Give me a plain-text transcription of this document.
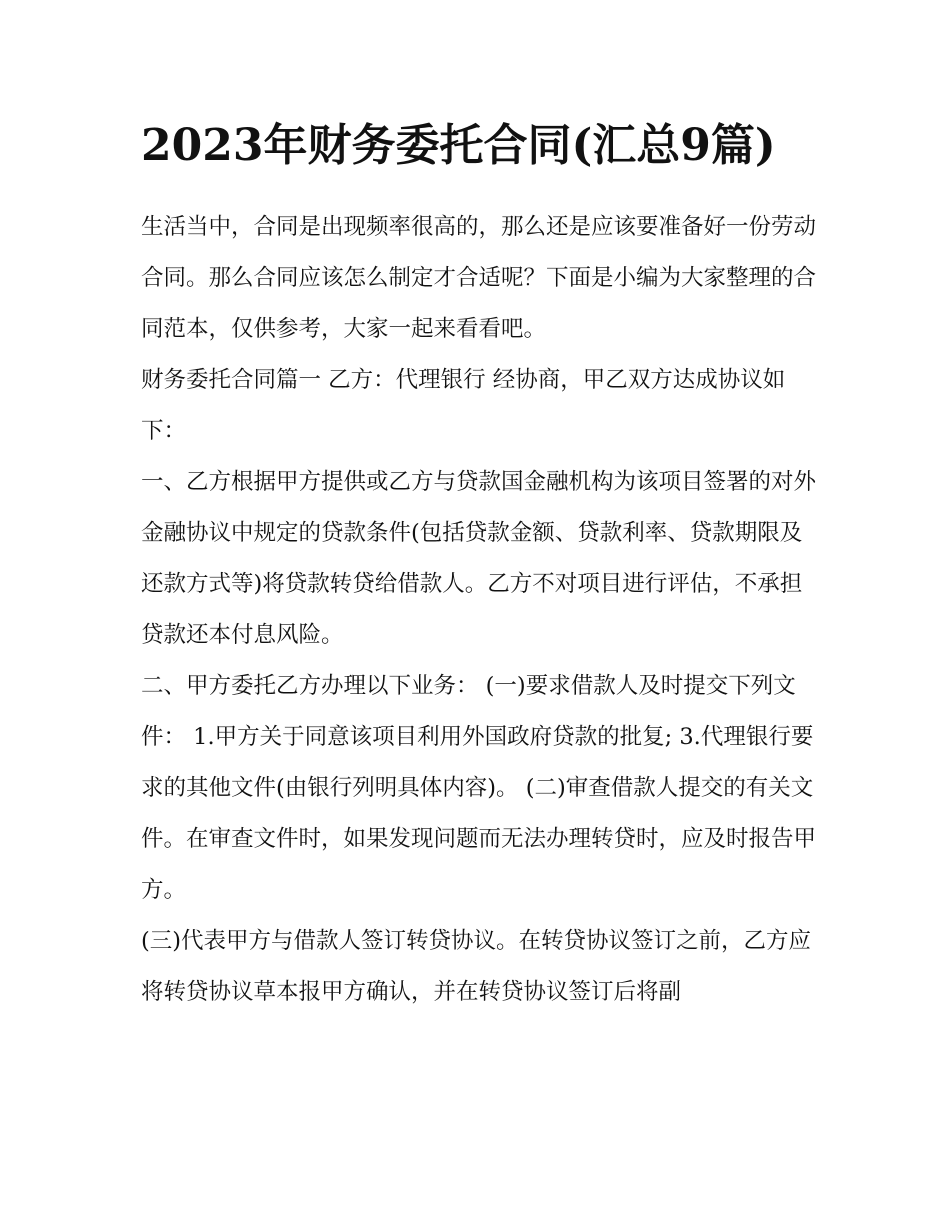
2023年财务委托合同(汇总9篇)

生活当中，合同是出现频率很高的，那么还是应该要准备好一份劳动合同。那么合同应该怎么制定才合适呢？下面是小编为大家整理的合同范本，仅供参考，大家一起来看看吧。

财务委托合同篇一 乙方：代理银行 经协商，甲乙双方达成协议如下：

一、乙方根据甲方提供或乙方与贷款国金融机构为该项目签署的对外金融协议中规定的贷款条件(包括贷款金额、贷款利率、贷款期限及还款方式等)将贷款转贷给借款人。乙方不对项目进行评估，不承担贷款还本付息风险。

二、甲方委托乙方办理以下业务： (一)要求借款人及时提交下列文件： 1.甲方关于同意该项目利用外国政府贷款的批复; 3.代理银行要求的其他文件(由银行列明具体内容)。 (二)审查借款人提交的有关文件。在审查文件时，如果发现问题而无法办理转贷时，应及时报告甲方。

(三)代表甲方与借款人签订转贷协议。在转贷协议签订之前，乙方应将转贷协议草本报甲方确认，并在转贷协议签订后将副
